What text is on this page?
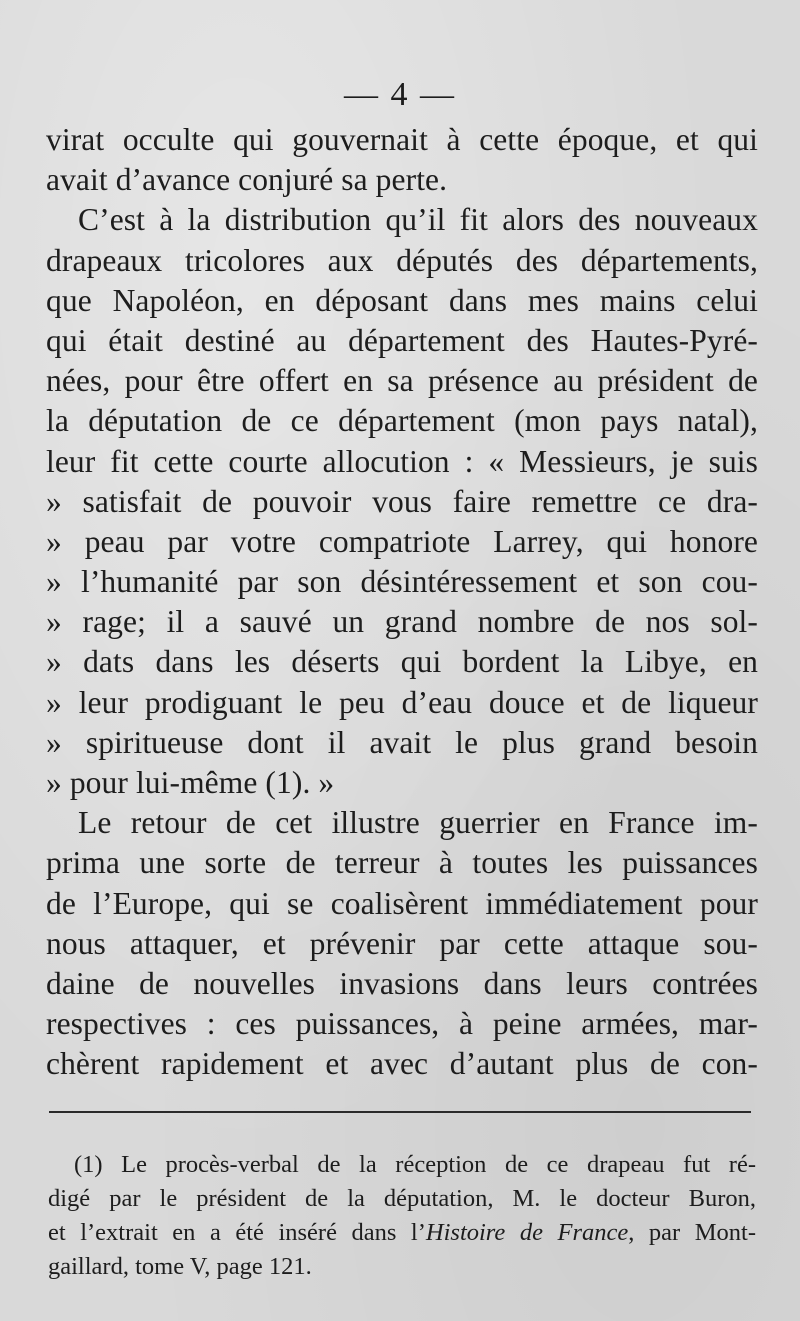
— 4 —
virat occulte qui gouvernait à cette époque, et qui
avait d’avance conjuré sa perte.
C’est à la distribution qu’il fit alors des nouveaux
drapeaux tricolores aux députés des départements,
que Napoléon, en déposant dans mes mains celui
qui était destiné au département des Hautes-Pyré-
nées, pour être offert en sa présence au président de
la députation de ce département (mon pays natal),
leur fit cette courte allocution : « Messieurs, je suis
» satisfait de pouvoir vous faire remettre ce dra-
» peau par votre compatriote Larrey, qui honore
» l’humanité par son désintéressement et son cou-
» rage; il a sauvé un grand nombre de nos sol-
» dats dans les déserts qui bordent la Libye, en
» leur prodiguant le peu d’eau douce et de liqueur
» spiritueuse dont il avait le plus grand besoin
» pour lui-même (1). »
Le retour de cet illustre guerrier en France im-
prima une sorte de terreur à toutes les puissances
de l’Europe, qui se coalisèrent immédiatement pour
nous attaquer, et prévenir par cette attaque sou-
daine de nouvelles invasions dans leurs contrées
respectives : ces puissances, à peine armées, mar-
chèrent rapidement et avec d’autant plus de con-
(1) Le procès-verbal de la réception de ce drapeau fut ré-
digé par le président de la députation, M. le docteur Buron,
et l’extrait en a été inséré dans l’Histoire de France, par Mont-
gaillard, tome V, page 121.
